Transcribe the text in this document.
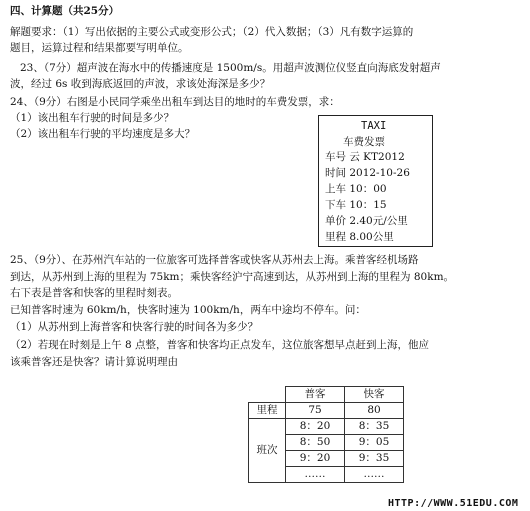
四、计算题（共25分）
解题要求：（1）写出依据的主要公式或变形公式；（2）代入数据；（3）凡有数字运算的
题目，运算过程和结果都要写明单位。
23、（7分）超声波在海水中的传播速度是 1500m/s。用超声波测位仪竖直向海底发射超声
波，经过 6s 收到海底返回的声波，求该处海深是多少？
24、（9分）右图是小民同学乘坐出租车到达目的地时的车费发票，求：
（1）该出租车行驶的时间是多少？
（2）该出租车行驶的平均速度是多大？
TAXI
车费发票
车号 云 KT2012
时间 2012-10-26
上车 10：00
下车 10：15
单价 2.40元/公里
里程 8.00公里
25、（9分）、在苏州汽车站的一位旅客可选择普客或快客从苏州去上海。乘普客经机场路
到达，从苏州到上海的里程为 75km；乘快客经沪宁高速到达，从苏州到上海的里程为 80km。
右下表是普客和快客的里程时刻表。
已知普客时速为 60km/h，快客时速为 100km/h，两车中途均不停车。问：
（1）从苏州到上海普客和快客行驶的时间各为多少？
（2）若现在时刻是上午 8 点整，普客和快客均正点发车，这位旅客想早点赶到上海，他应
该乘普客还是快客？请计算说明理由
	普客	快客
里程	75	80
班次	8：20	8：35
	8：50	9：05
	9：20	9：35
	……	……
HTTP://WWW.51EDU.COM
